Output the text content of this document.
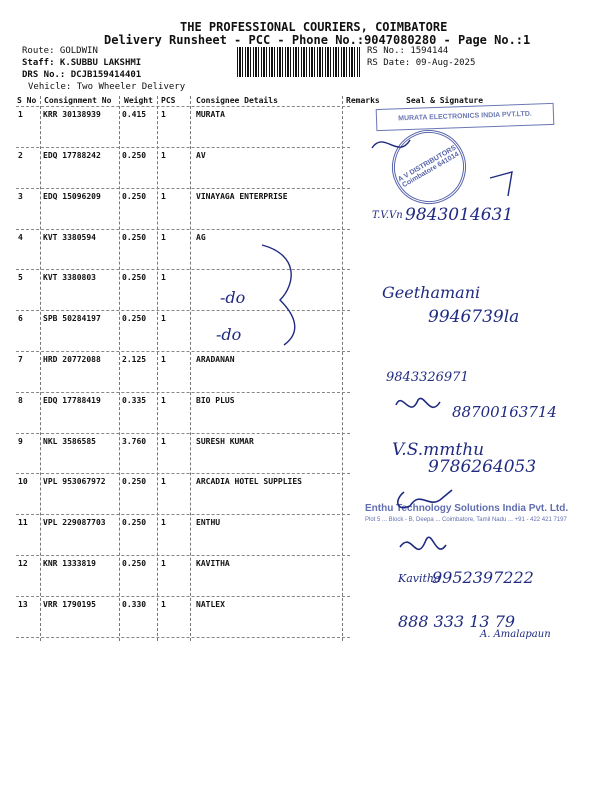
THE PROFESSIONAL COURIERS, COIMBATORE
Delivery Runsheet - PCC - Phone No.:9047080280 - Page No.:1
Route: GOLDWIN
Staff: K.SUBBU LAKSHMI
DRS No.: DCJB159414401
Vehicle: Two Wheeler Delivery
RS No.: 1594144
RS Date: 09-Aug-2025
S No Consignment No Weight PCS	Consignee Details	Remarks	Seal & Signature
1	KRR 30138939	0.415 1	MURATA
2	EDQ 17788242	0.250 1	AV
3	EDQ 15096209	0.250 1	VINAYAGA ENTERPRISE
4	KVT 3380594	0.250 1	AG
5	KVT 3380803	0.250 1
6	SPB 50284197	0.250 1
7	HRD 20772088	2.125 1	ARADANAN
8	EDQ 17788419	0.335 1	BIO PLUS
9	NKL 3586585	3.760 1	SURESH KUMAR
10 VPL 953067972 0.250 1	ARCADIA HOTEL SUPPLIES
11 VPL 229087703 0.250 1	ENTHU
12 KNR 1333819	0.250 1	KAVITHA
13 VRR 1790195	0.330 1	NATLEX
MURATA ELECTRONICS INDIA PVT.LTD.
A V DISTRIBUTORS Coimbatore 641014
Enthu Technology Solutions India Pvt. Ltd.
Plot 5 ... Block - B, Deepa ... Coimbatore, Tamil Nadu ... +91 - 422 421 7197
-do
-do
T.V.Vn 9843014631
Geethamani
9946739la
9843326971
88700163714
V.S.mmthu
9786264053
Kavitha
9952397222
888 333 13 79
A. Amalapaun
